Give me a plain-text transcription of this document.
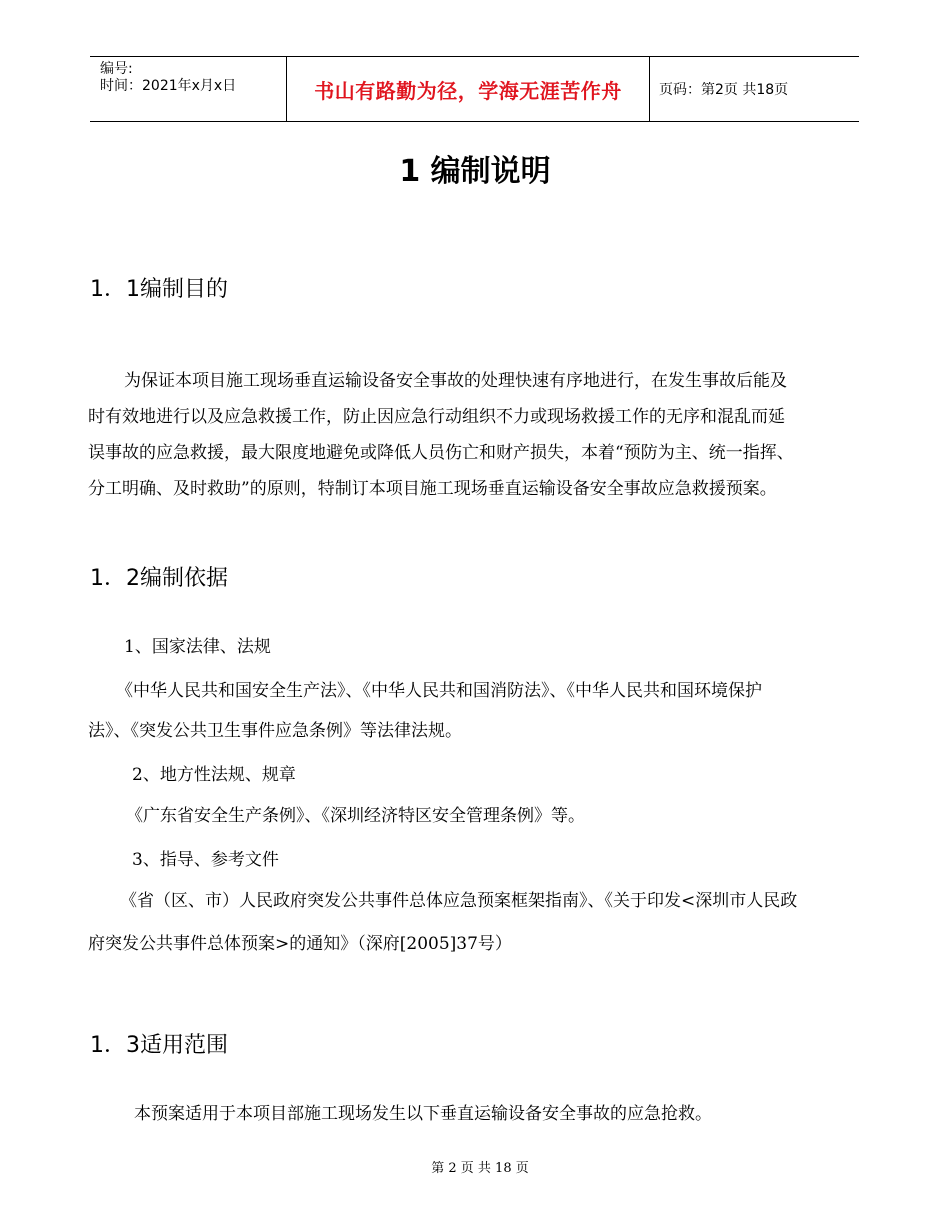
编号:
时间：2021年x月x日	书山有路勤为径，学海无涯苦作舟	页码：第2页 共18页
1 编制说明
1．1编制目的
为保证本项目施工现场垂直运输设备安全事故的处理快速有序地进行，在发生事故后能及
时有效地进行以及应急救援工作，防止因应急行动组织不力或现场救援工作的无序和混乱而延
误事故的应急救援，最大限度地避免或降低人员伤亡和财产损失，本着“预防为主、统一指挥、
分工明确、及时救助”的原则，特制订本项目施工现场垂直运输设备安全事故应急救援预案。
1．2编制依据
1、国家法律、法规
《中华人民共和国安全生产法》、《中华人民共和国消防法》、《中华人民共和国环境保护
法》、《突发公共卫生事件应急条例》等法律法规。
2、地方性法规、规章
《广东省安全生产条例》、《深圳经济特区安全管理条例》等。
3、指导、参考文件
《省（区、市）人民政府突发公共事件总体应急预案框架指南》、《关于印发<深圳市人民政
府突发公共事件总体预案>的通知》（深府[2005]37号）
1．3适用范围
本预案适用于本项目部施工现场发生以下垂直运输设备安全事故的应急抢救。
第 2 页 共 18 页
